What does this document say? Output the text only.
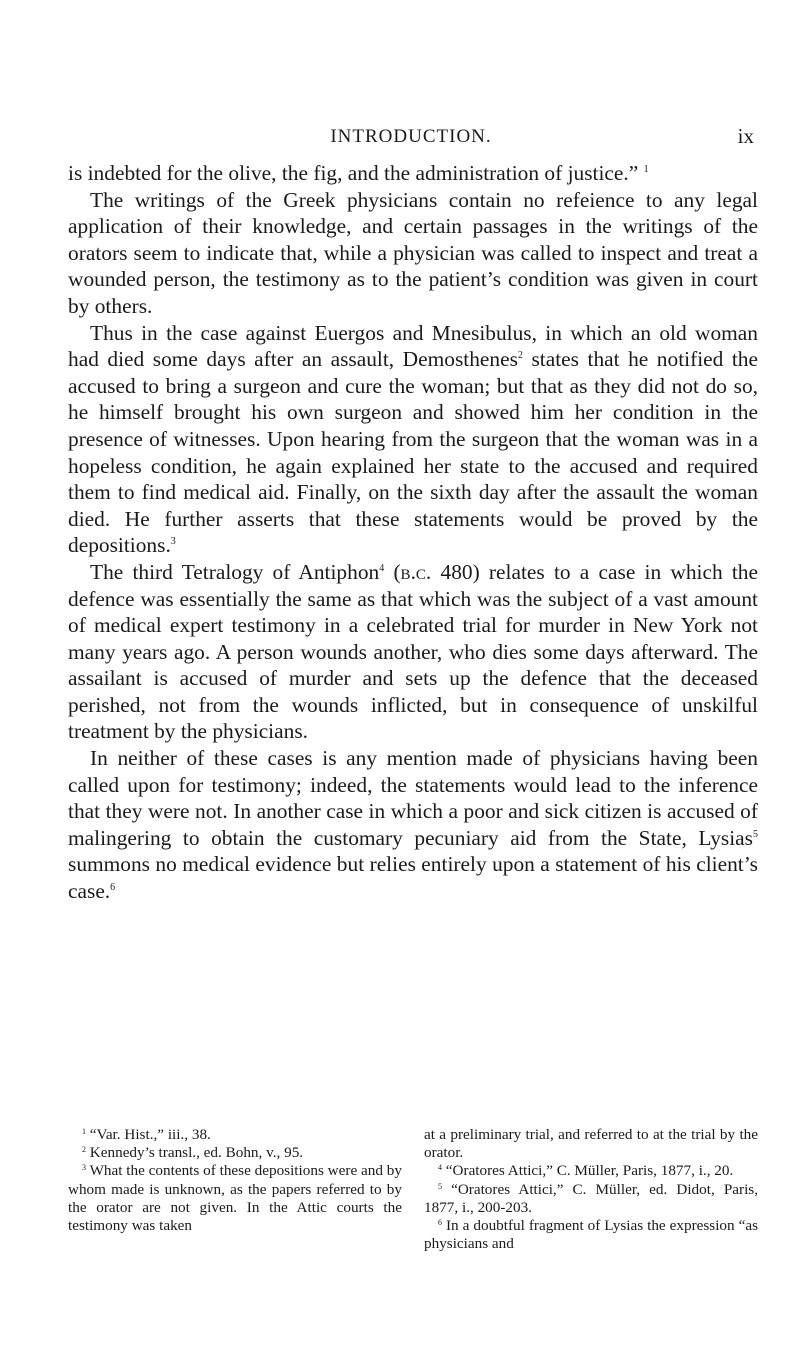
INTRODUCTION.	ix

is indebted for the olive, the fig, and the administration of justice.” $^1$

The writings of the Greek physicians contain no refeience to any legal application of their knowledge, and certain passages in the writings of the orators seem to indicate that, while a physician was called to inspect and treat a wounded person, the testimony as to the patient’s condition was given in court by others.

Thus in the case against Euergos and Mnesibulus, in which an old woman had died some days after an assault, Demosthenes$^2$ states that he notified the accused to bring a surgeon and cure the woman; but that as they did not do so, he himself brought his own surgeon and showed him her condition in the presence of witnesses. Upon hearing from the surgeon that the woman was in a hopeless condition, he again explained her state to the accused and required them to find medical aid. Finally, on the sixth day after the assault the woman died. He further asserts that these statements would be proved by the depositions.$^3$

The third Tetralogy of Antiphon$^4$ (b.c. 480) relates to a case in which the defence was essentially the same as that which was the subject of a vast amount of medical expert testimony in a celebrated trial for murder in New York not many years ago. A person wounds another, who dies some days afterward. The assailant is accused of murder and sets up the defence that the deceased perished, not from the wounds inflicted, but in consequence of unskilful treatment by the physicians.

In neither of these cases is any mention made of physicians having been called upon for testimony; indeed, the statements would lead to the inference that they were not. In another case in which a poor and sick citizen is accused of malingering to obtain the customary pecuniary aid from the State, Lysias$^5$ summons no medical evidence but relies entirely upon a statement of his client’s case.$^6$

$^1$ “Var. Hist.,” iii., 38.

$^2$ Kennedy’s transl., ed. Bohn, v., 95.

$^3$ What the contents of these depositions were and by whom made is unknown, as the papers referred to by the orator are not given. In the Attic courts the testimony was taken

at a preliminary trial, and referred to at the trial by the orator.

$^4$ “Oratores Attici,” C. Müller, Paris, 1877, i., 20.

$^5$ “Oratores Attici,” C. Müller, ed. Didot, Paris, 1877, i., 200-203.

$^6$ In a doubtful fragment of Lysias the expression “as physicians and
